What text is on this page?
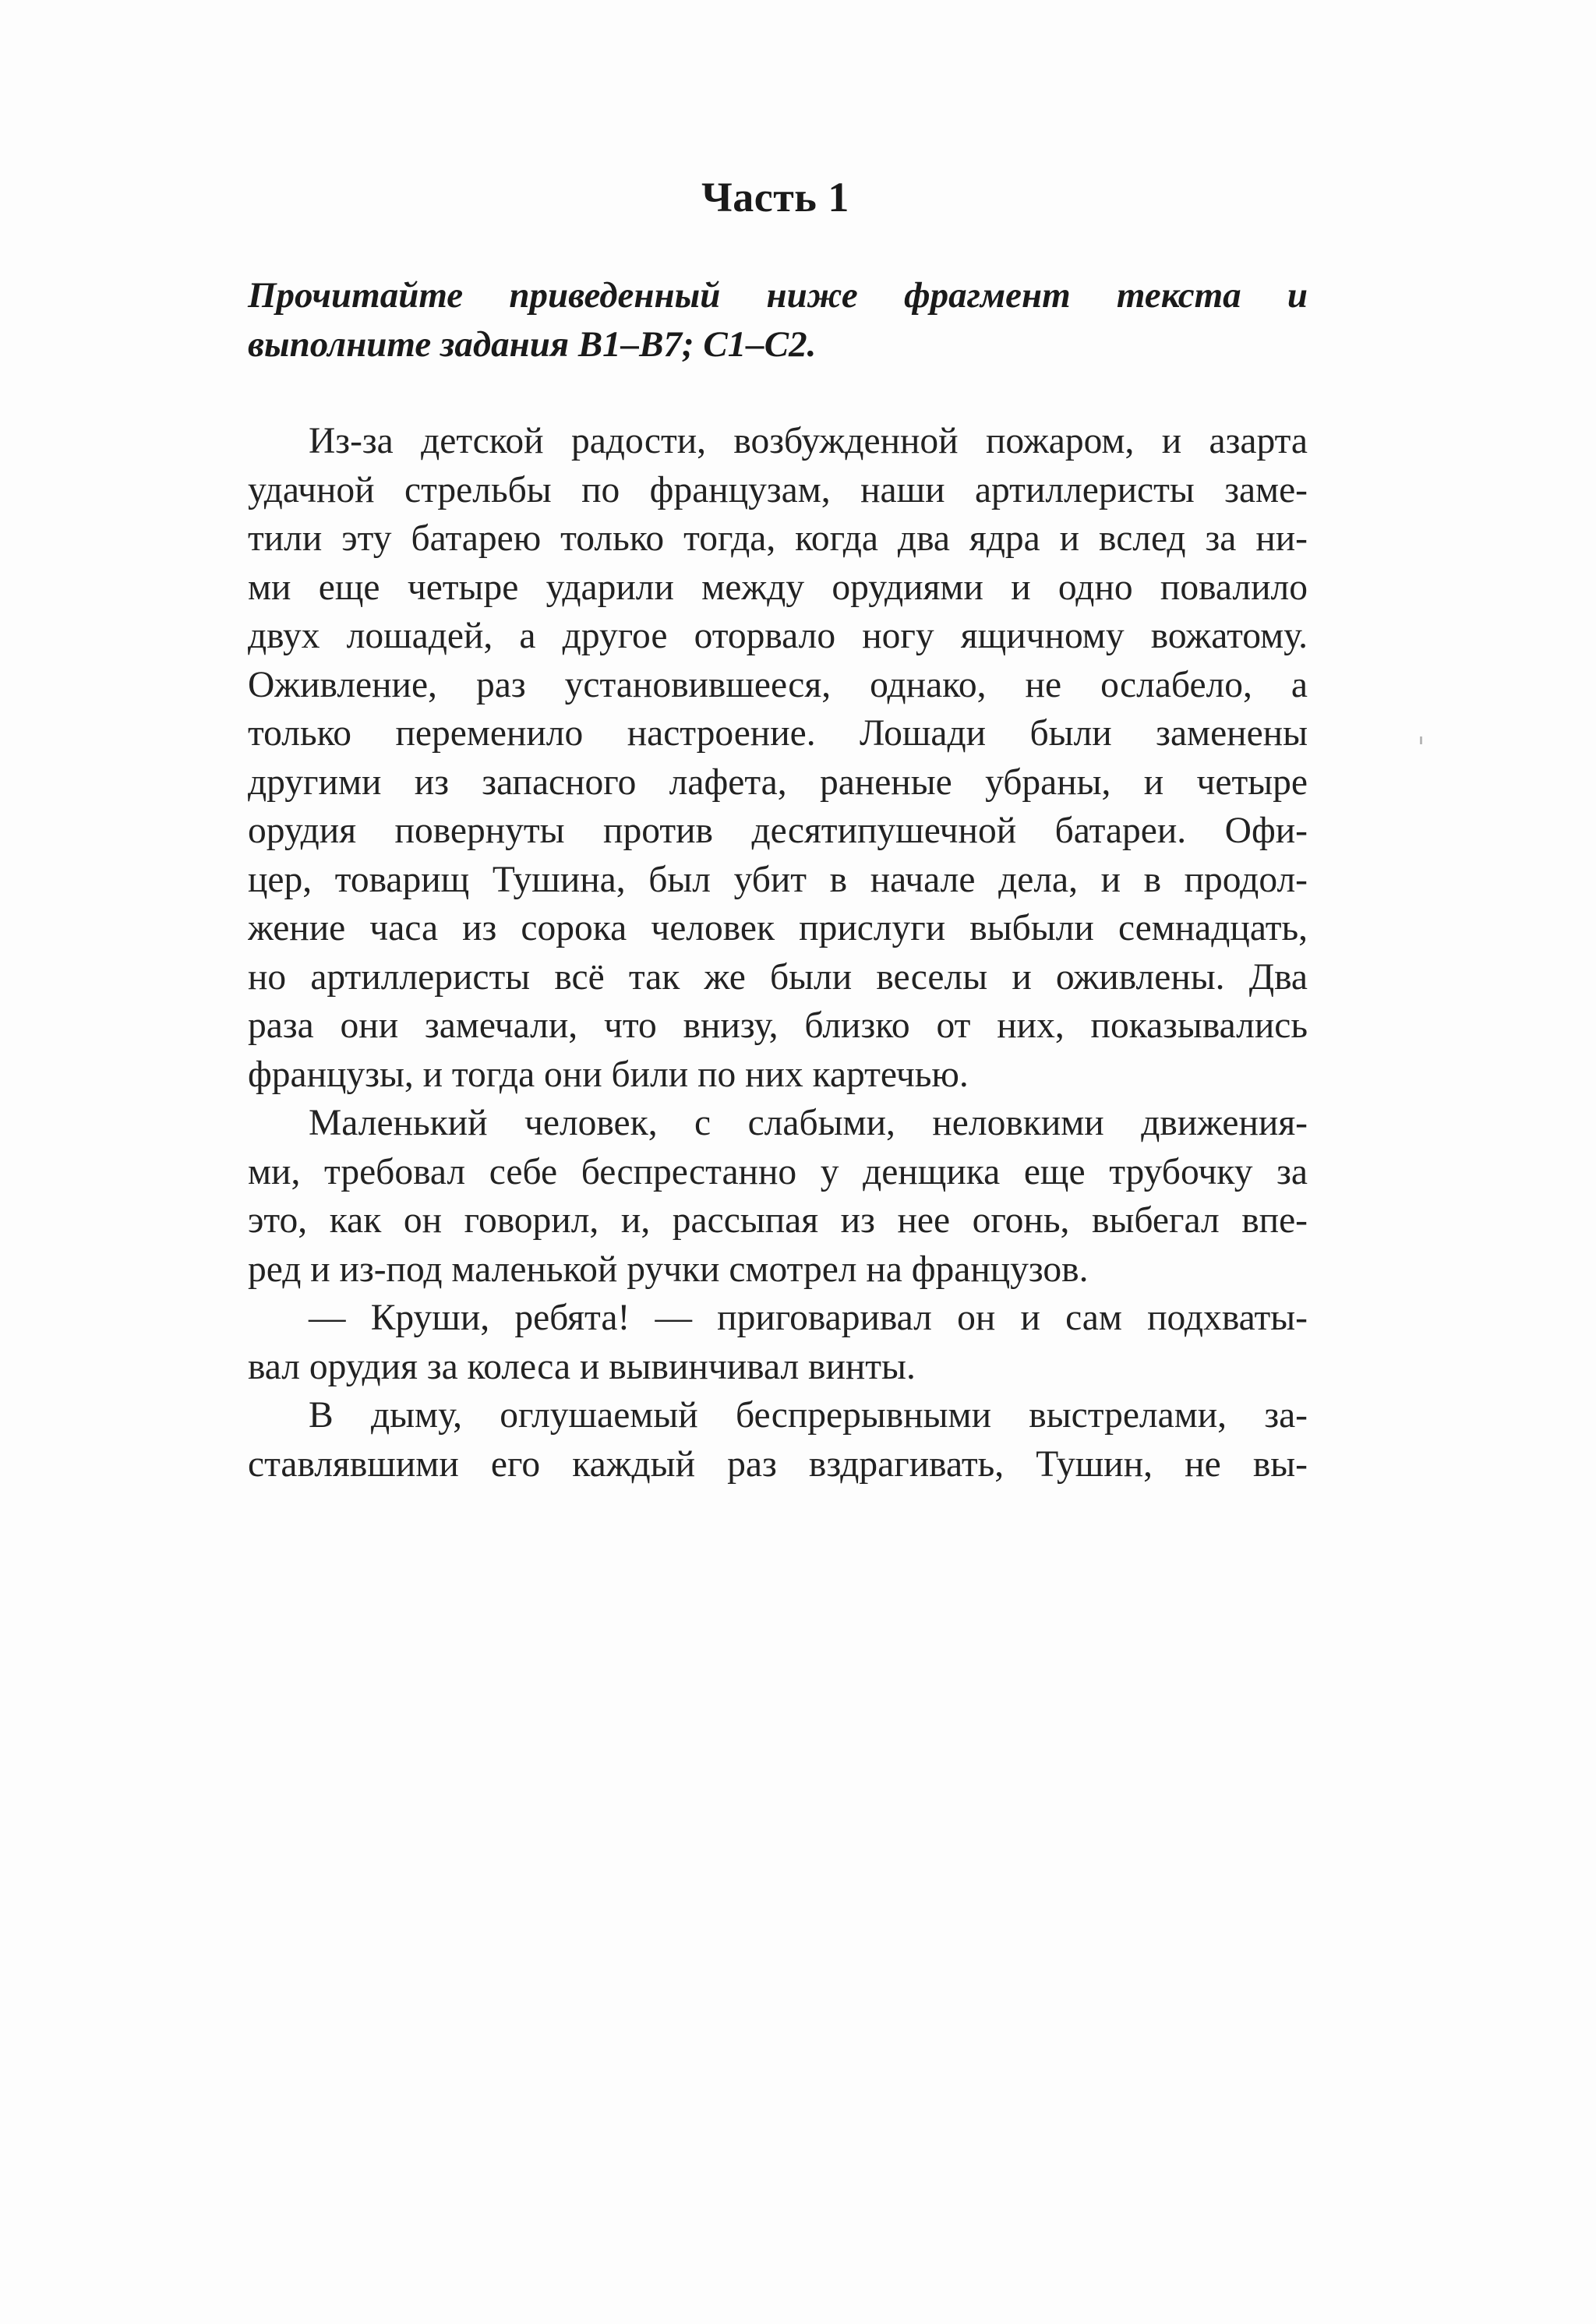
Часть 1
Прочитайте приведенный ниже фрагмент текста и
выполните задания В1–В7; С1–С2.
Из-за детской радости, возбужденной пожаром, и азарта
удачной стрельбы по французам, наши артиллеристы заме-
тили эту батарею только тогда, когда два ядра и вслед за ни-
ми еще четыре ударили между орудиями и одно повалило
двух лошадей, а другое оторвало ногу ящичному вожатому.
Оживление, раз установившееся, однако, не ослабело, а
только переменило настроение. Лошади были заменены
другими из запасного лафета, раненые убраны, и четыре
орудия повернуты против десятипушечной батареи. Офи-
цер, товарищ Тушина, был убит в начале дела, и в продол-
жение часа из сорока человек прислуги выбыли семнадцать,
но артиллеристы всё так же были веселы и оживлены. Два
раза они замечали, что внизу, близко от них, показывались
французы, и тогда они били по них картечью.
Маленький человек, с слабыми, неловкими движения-
ми, требовал себе беспрестанно у денщика еще трубочку за
это, как он говорил, и, рассыпая из нее огонь, выбегал впе-
ред и из-под маленькой ручки смотрел на французов.
— Круши, ребята! — приговаривал он и сам подхваты-
вал орудия за колеса и вывинчивал винты.
В дыму, оглушаемый беспрерывными выстрелами, за-
ставлявшими его каждый раз вздрагивать, Тушин, не вы-
